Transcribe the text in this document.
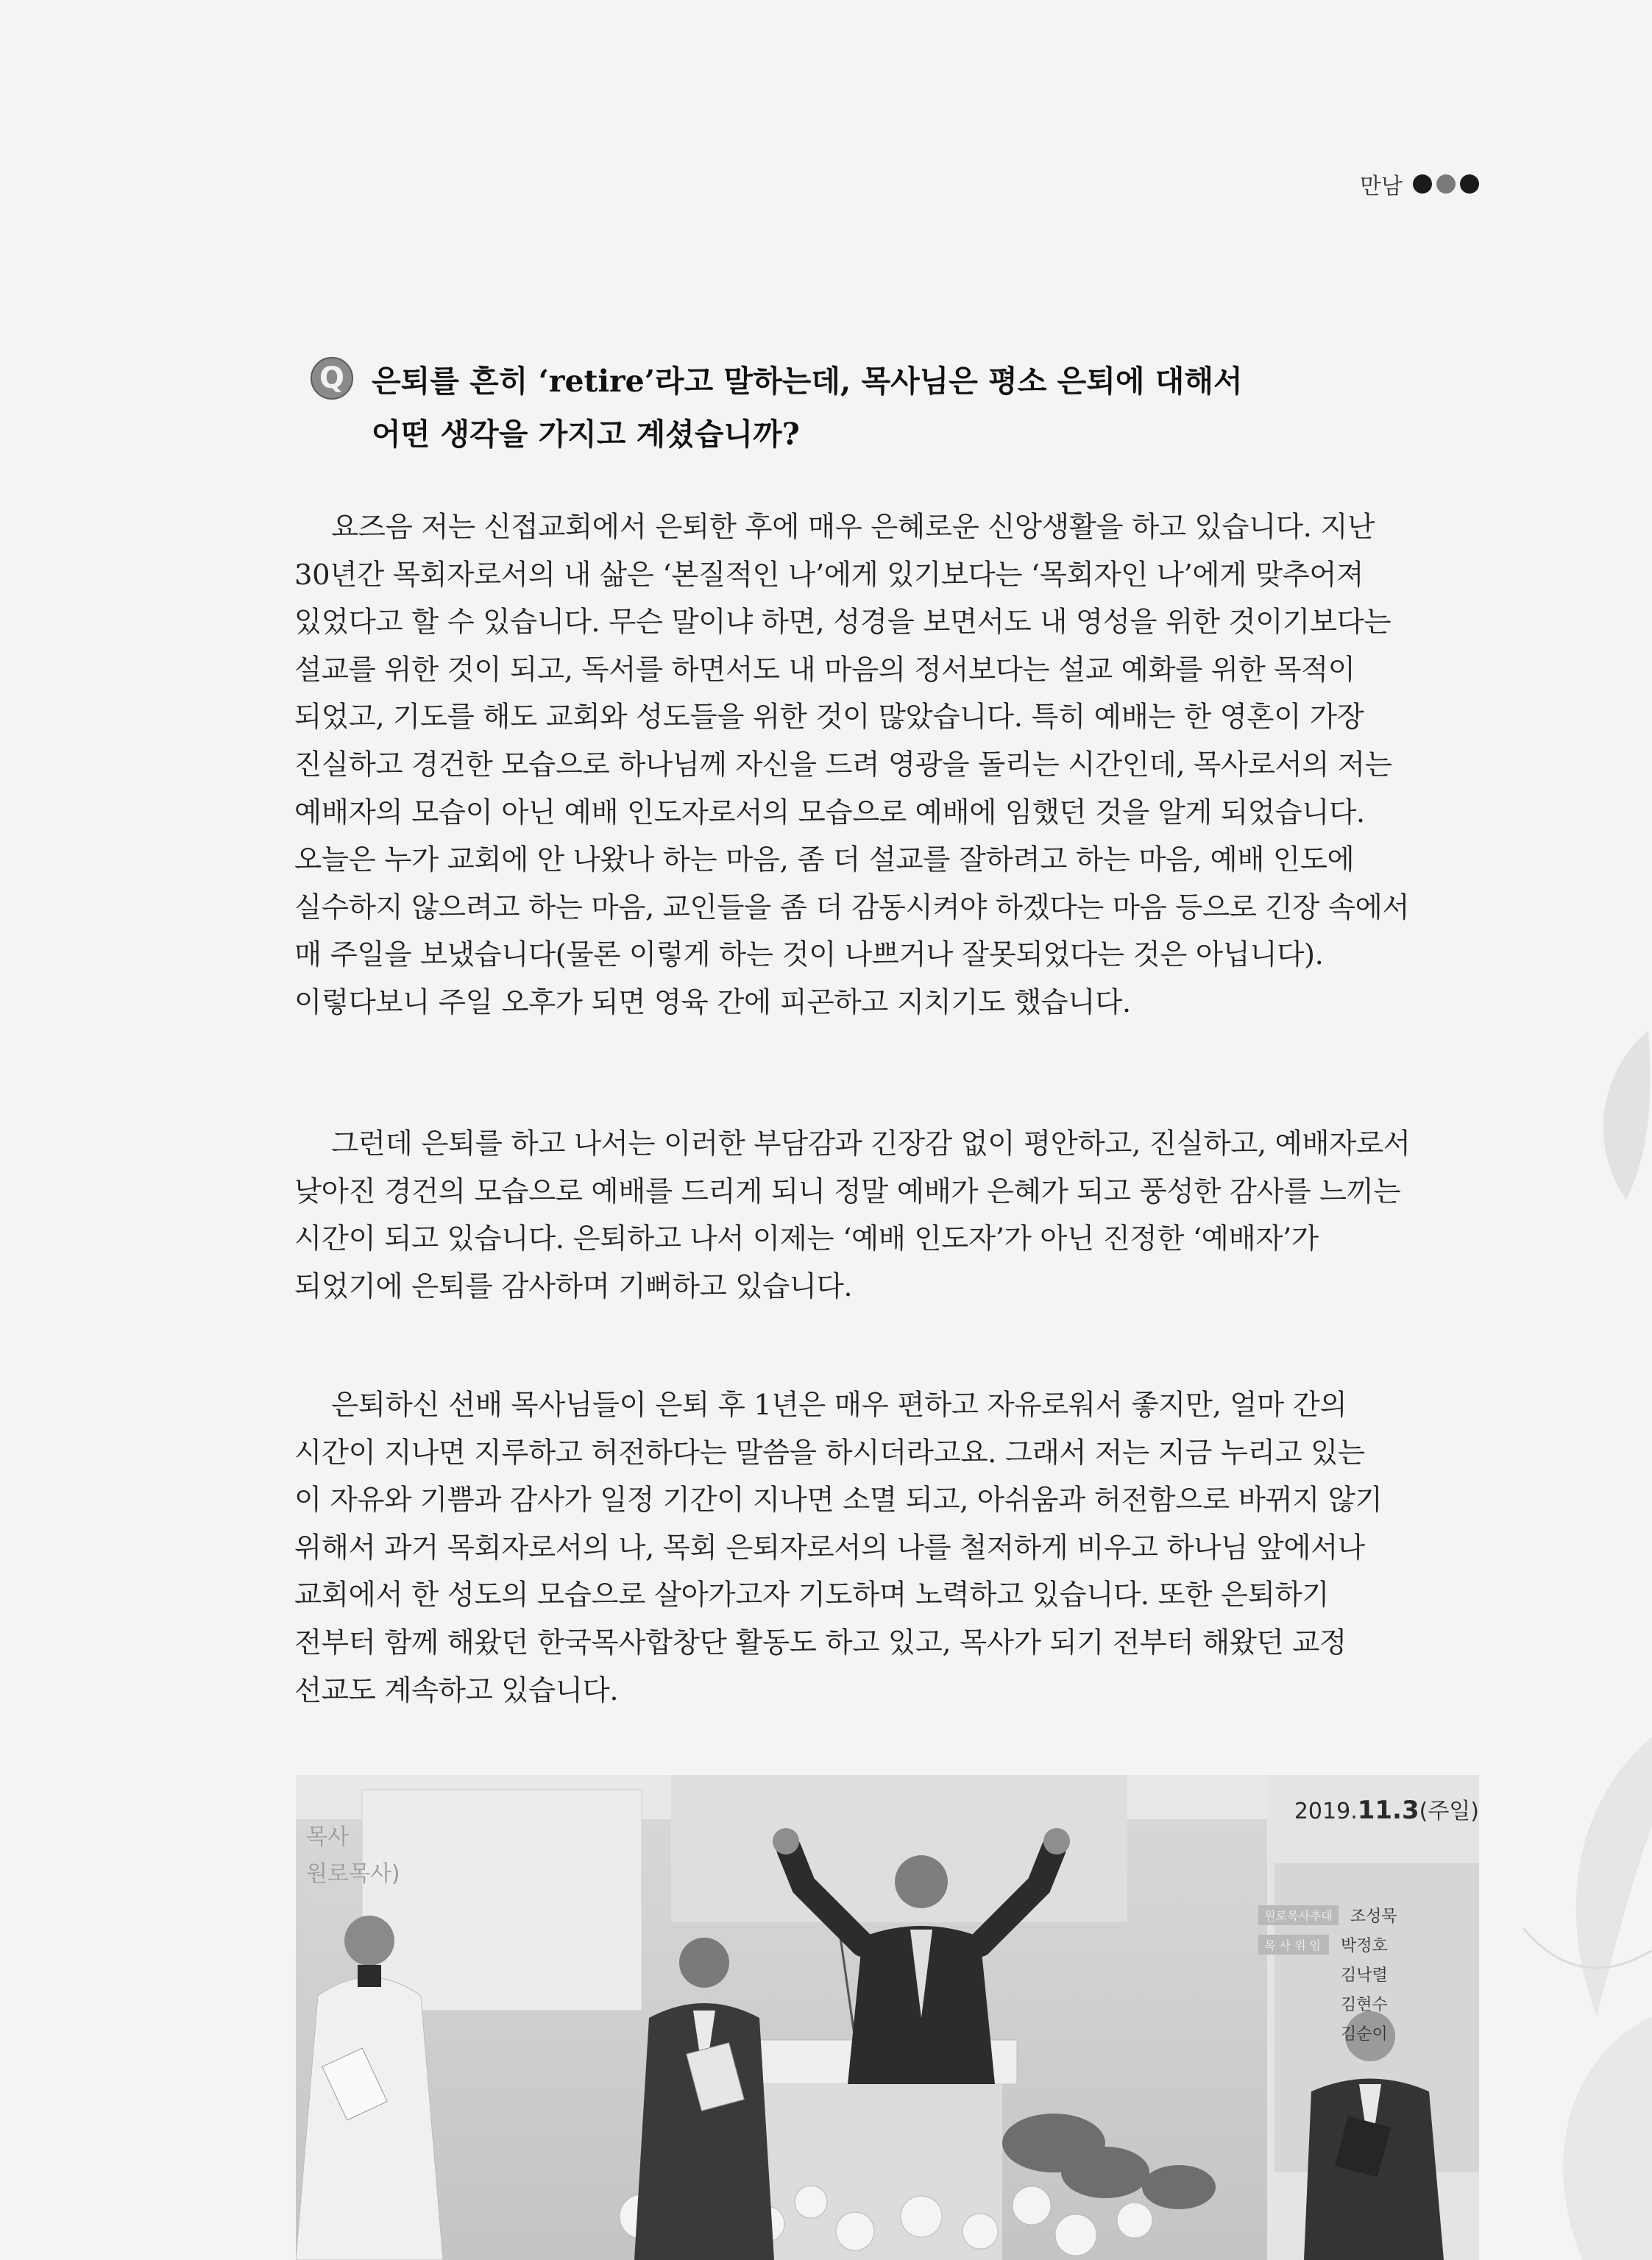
만남
Q 은퇴를 흔히 ‘retire’라고 말하는데, 목사님은 평소 은퇴에 대해서
어떤 생각을 가지고 계셨습니까?
요즈음 저는 신접교회에서 은퇴한 후에 매우 은혜로운 신앙생활을 하고 있습니다. 지난
30년간 목회자로서의 내 삶은 ‘본질적인 나’에게 있기보다는 ‘목회자인 나’에게 맞추어져
있었다고 할 수 있습니다. 무슨 말이냐 하면, 성경을 보면서도 내 영성을 위한 것이기보다는
설교를 위한 것이 되고, 독서를 하면서도 내 마음의 정서보다는 설교 예화를 위한 목적이
되었고, 기도를 해도 교회와 성도들을 위한 것이 많았습니다. 특히 예배는 한 영혼이 가장
진실하고 경건한 모습으로 하나님께 자신을 드려 영광을 돌리는 시간인데, 목사로서의 저는
예배자의 모습이 아닌 예배 인도자로서의 모습으로 예배에 임했던 것을 알게 되었습니다.
오늘은 누가 교회에 안 나왔나 하는 마음, 좀 더 설교를 잘하려고 하는 마음, 예배 인도에
실수하지 않으려고 하는 마음, 교인들을 좀 더 감동시켜야 하겠다는 마음 등으로 긴장 속에서
매 주일을 보냈습니다(물론 이렇게 하는 것이 나쁘거나 잘못되었다는 것은 아닙니다).
이렇다보니 주일 오후가 되면 영육 간에 피곤하고 지치기도 했습니다.
그런데 은퇴를 하고 나서는 이러한 부담감과 긴장감 없이 평안하고, 진실하고, 예배자로서
낮아진 경건의 모습으로 예배를 드리게 되니 정말 예배가 은혜가 되고 풍성한 감사를 느끼는
시간이 되고 있습니다. 은퇴하고 나서 이제는 ‘예배 인도자’가 아닌 진정한 ‘예배자’가
되었기에 은퇴를 감사하며 기뻐하고 있습니다.
은퇴하신 선배 목사님들이 은퇴 후 1년은 매우 편하고 자유로워서 좋지만, 얼마 간의
시간이 지나면 지루하고 허전하다는 말씀을 하시더라고요. 그래서 저는 지금 누리고 있는
이 자유와 기쁨과 감사가 일정 기간이 지나면 소멸 되고, 아쉬움과 허전함으로 바뀌지 않기
위해서 과거 목회자로서의 나, 목회 은퇴자로서의 나를 철저하게 비우고 하나님 앞에서나
교회에서 한 성도의 모습으로 살아가고자 기도하며 노력하고 있습니다. 또한 은퇴하기
전부터 함께 해왔던 한국목사합창단 활동도 하고 있고, 목사가 되기 전부터 해왔던 교정
선교도 계속하고 있습니다.
목사
원로목사)
2019.11.3(주일)
원로목사추대	조성묵
목 사 위 임	박정호
김낙렬
김현수
김순이
